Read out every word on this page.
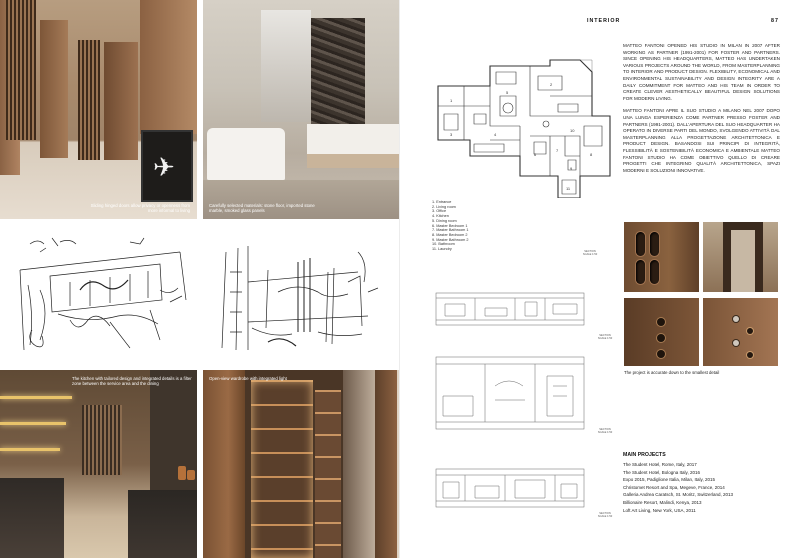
✈
Sliding hinged doors allow privacy or openness from more informal to living
Carefully selected materials: stone floor, imported stone marble, smoked glass panels
The kitchen with tailored design and integrated details is a filter zone between the service area and the dining
Open-view wardrobe with integrated light
INTERIOR	87
1
2
3	4
5
6
7
8
9
10
11
1. Entrance
2. Living room
3. Office
4. Kitchen
5. Dining room
6. Master Bedroom 1
7. Master Bathroom 1
8. Master Bedroom 2
9. Master Bathroom 2
10. Bathroom
11. Laundry
SECTION
SCALE 1:50
SECTION
SCALE 1:50
SECTION
SCALE 1:50
SECTION
SCALE 1:50

MATTEO FANTONI OPENED HIS STUDIO IN MILAN IN 2007 AFTER WORKING AS PARTNER (1991-2001) FOR FOSTER AND PARTNERS. SINCE OPENING HIS HEADQUARTERS, MATTEO HAS UNDERTAKEN VARIOUS PROJECTS AROUND THE WORLD, FROM MASTERPLANNING TO INTERIOR AND PRODUCT DESIGN. FLEXIBILITY, ECONOMICAL AND ENVIRONMENTAL SUSTAINABILITY AND DESIGN INTEGRITY ARE A DAILY COMMITMENT FOR MATTEO AND HIS TEAM IN ORDER TO CREATE CLEVER AESTHETICALLY BEAUTIFUL DESIGN SOLUTIONS FOR MODERN LIVING.

MATTEO FANTONI APRE IL SUO STUDIO A MILANO NEL 2007 DOPO UNA LUNGA ESPERIENZA COME PARTNER PRESSO FOSTER AND PARTNERS (1991-2001). DALL'APERTURA DEL SUO HEADQUARTER HA OPERATO IN DIVERSE PARTI DEL MONDO, SVOLGENDO ATTIVITÀ DAL MASTERPLANNING ALLA PROGETTAZIONE ARCHITETTONICA E PRODUCT DESIGN. BASANDOSI SUI PRINCIPI DI INTEGRITÀ, FLESSIBILITÀ E SOSTENIBILITÀ ECONOMICA E AMBIENTALE MATTEO FANTONI STUDIO HA COME OBIETTIVO QUELLO DI CREARE PROGETTI CHE INTEGRINO QUALITÀ ARCHITETTONICA, SPAZI MODERNI E SOLUZIONI INNOVATIVE.

The project is accurate down to the smallest detail
MAIN PROJECTS
The Student Hotel, Rome, Italy, 2017
The Student Hotel, Bologna Italy, 2016
Expo 2015, Padiglione Italia, Milan, Italy, 2015
Christomet Resort and Spa, Megeve, France, 2014
Galleria Andrea Caratsch, St. Moritz, Switzerland, 2013
Billionaire Resort, Malindi, Kenya, 2013
Loft Art Living, New York, USA, 2011
